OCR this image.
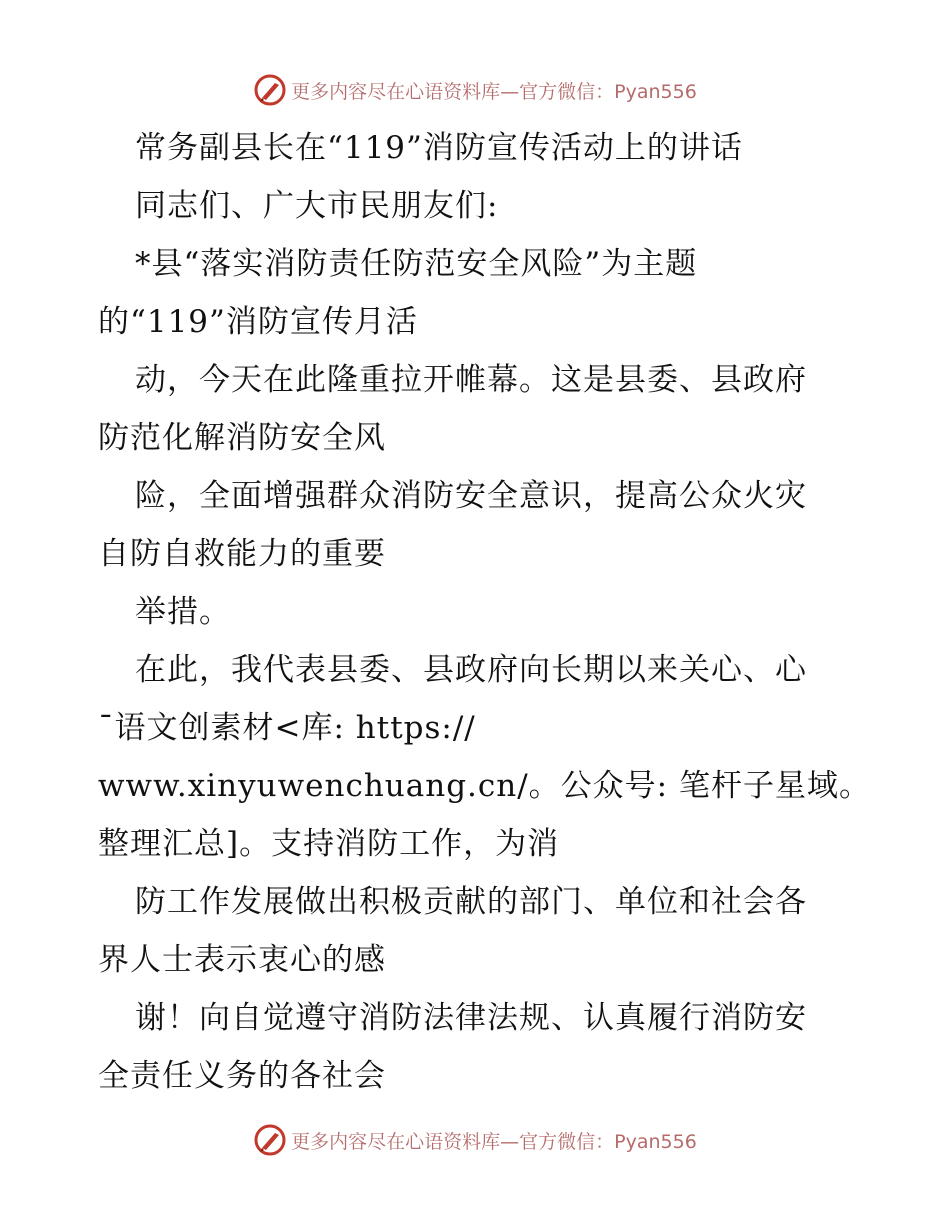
更多内容尽在心语资料库—官方微信：Pyan556
常务副县长在“119”消防宣传活动上的讲话
同志们、广大市民朋友们:
*县“落实消防责任防范安全风险”为主题
的“119”消防宣传月活
动，今天在此隆重拉开帷幕。这是县委、县政府
防范化解消防安全风
险，全面增强群众消防安全意识，提高公众火灾
自防自救能力的重要
举措。
在此，我代表县委、县政府向长期以来关心、心
¯语文创素材<库: https://
www.xinyuwenchuang.cn/。公众号: 笔杆子星域。
整理汇总]。支持消防工作，为消
防工作发展做出积极贡献的部门、单位和社会各
界人士表示衷心的感
谢！向自觉遵守消防法律法规、认真履行消防安
全责任义务的各社会
更多内容尽在心语资料库—官方微信：Pyan556
